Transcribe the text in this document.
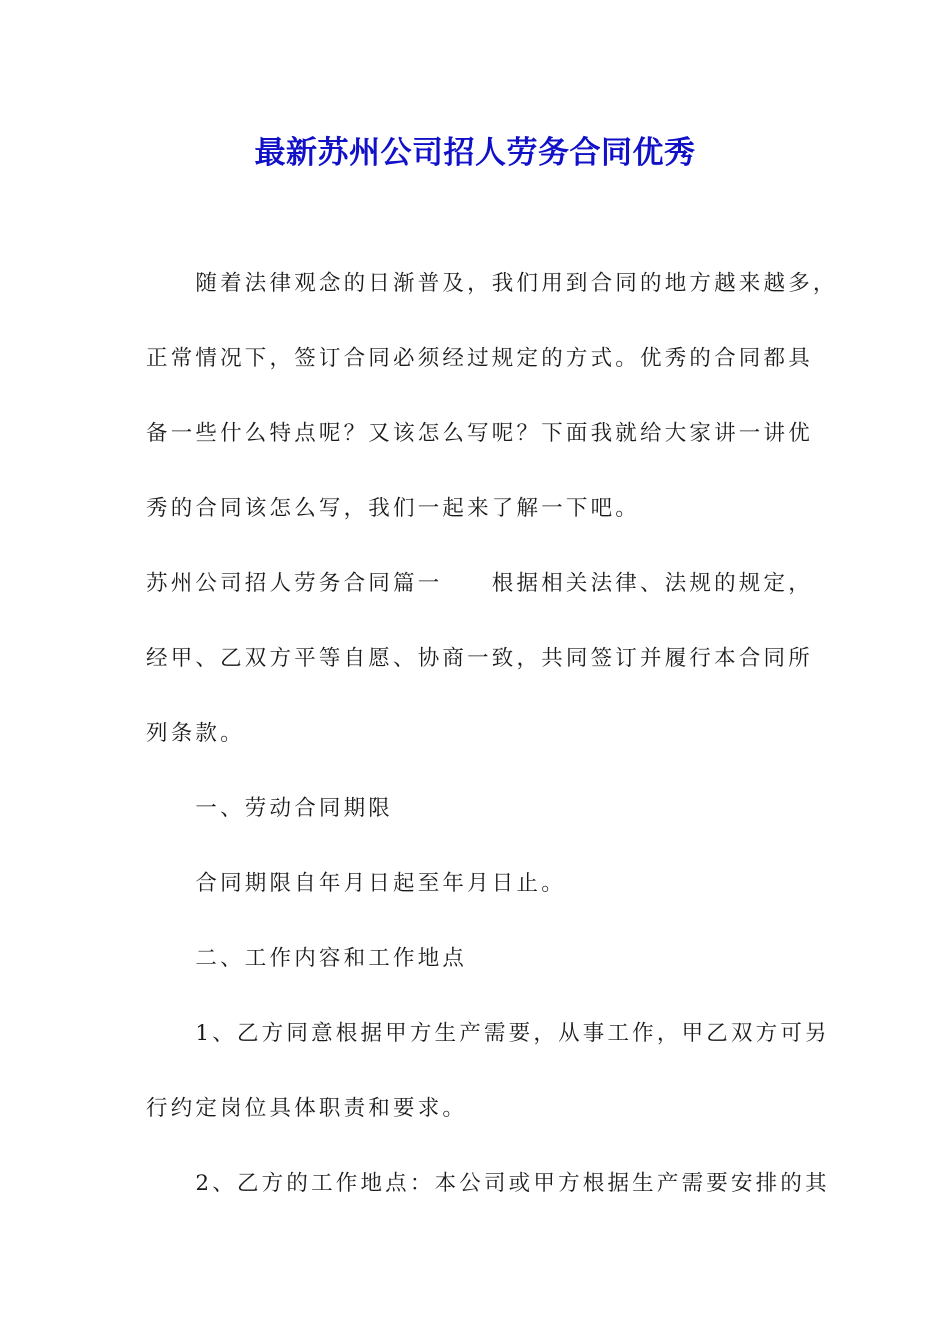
最新苏州公司招人劳务合同优秀

　　随着法律观念的日渐普及，我们用到合同的地方越来越多，

正常情况下，签订合同必须经过规定的方式。优秀的合同都具

备一些什么特点呢？又该怎么写呢？下面我就给大家讲一讲优

秀的合同该怎么写，我们一起来了解一下吧。

苏州公司招人劳务合同篇一　　根据相关法律、法规的规定，

经甲、乙双方平等自愿、协商一致，共同签订并履行本合同所

列条款。

　　一、劳动合同期限

　　合同期限自年月日起至年月日止。

　　二、工作内容和工作地点

　　1、乙方同意根据甲方生产需要，从事工作，甲乙双方可另

行约定岗位具体职责和要求。

　　2、乙方的工作地点：本公司或甲方根据生产需要安排的其
